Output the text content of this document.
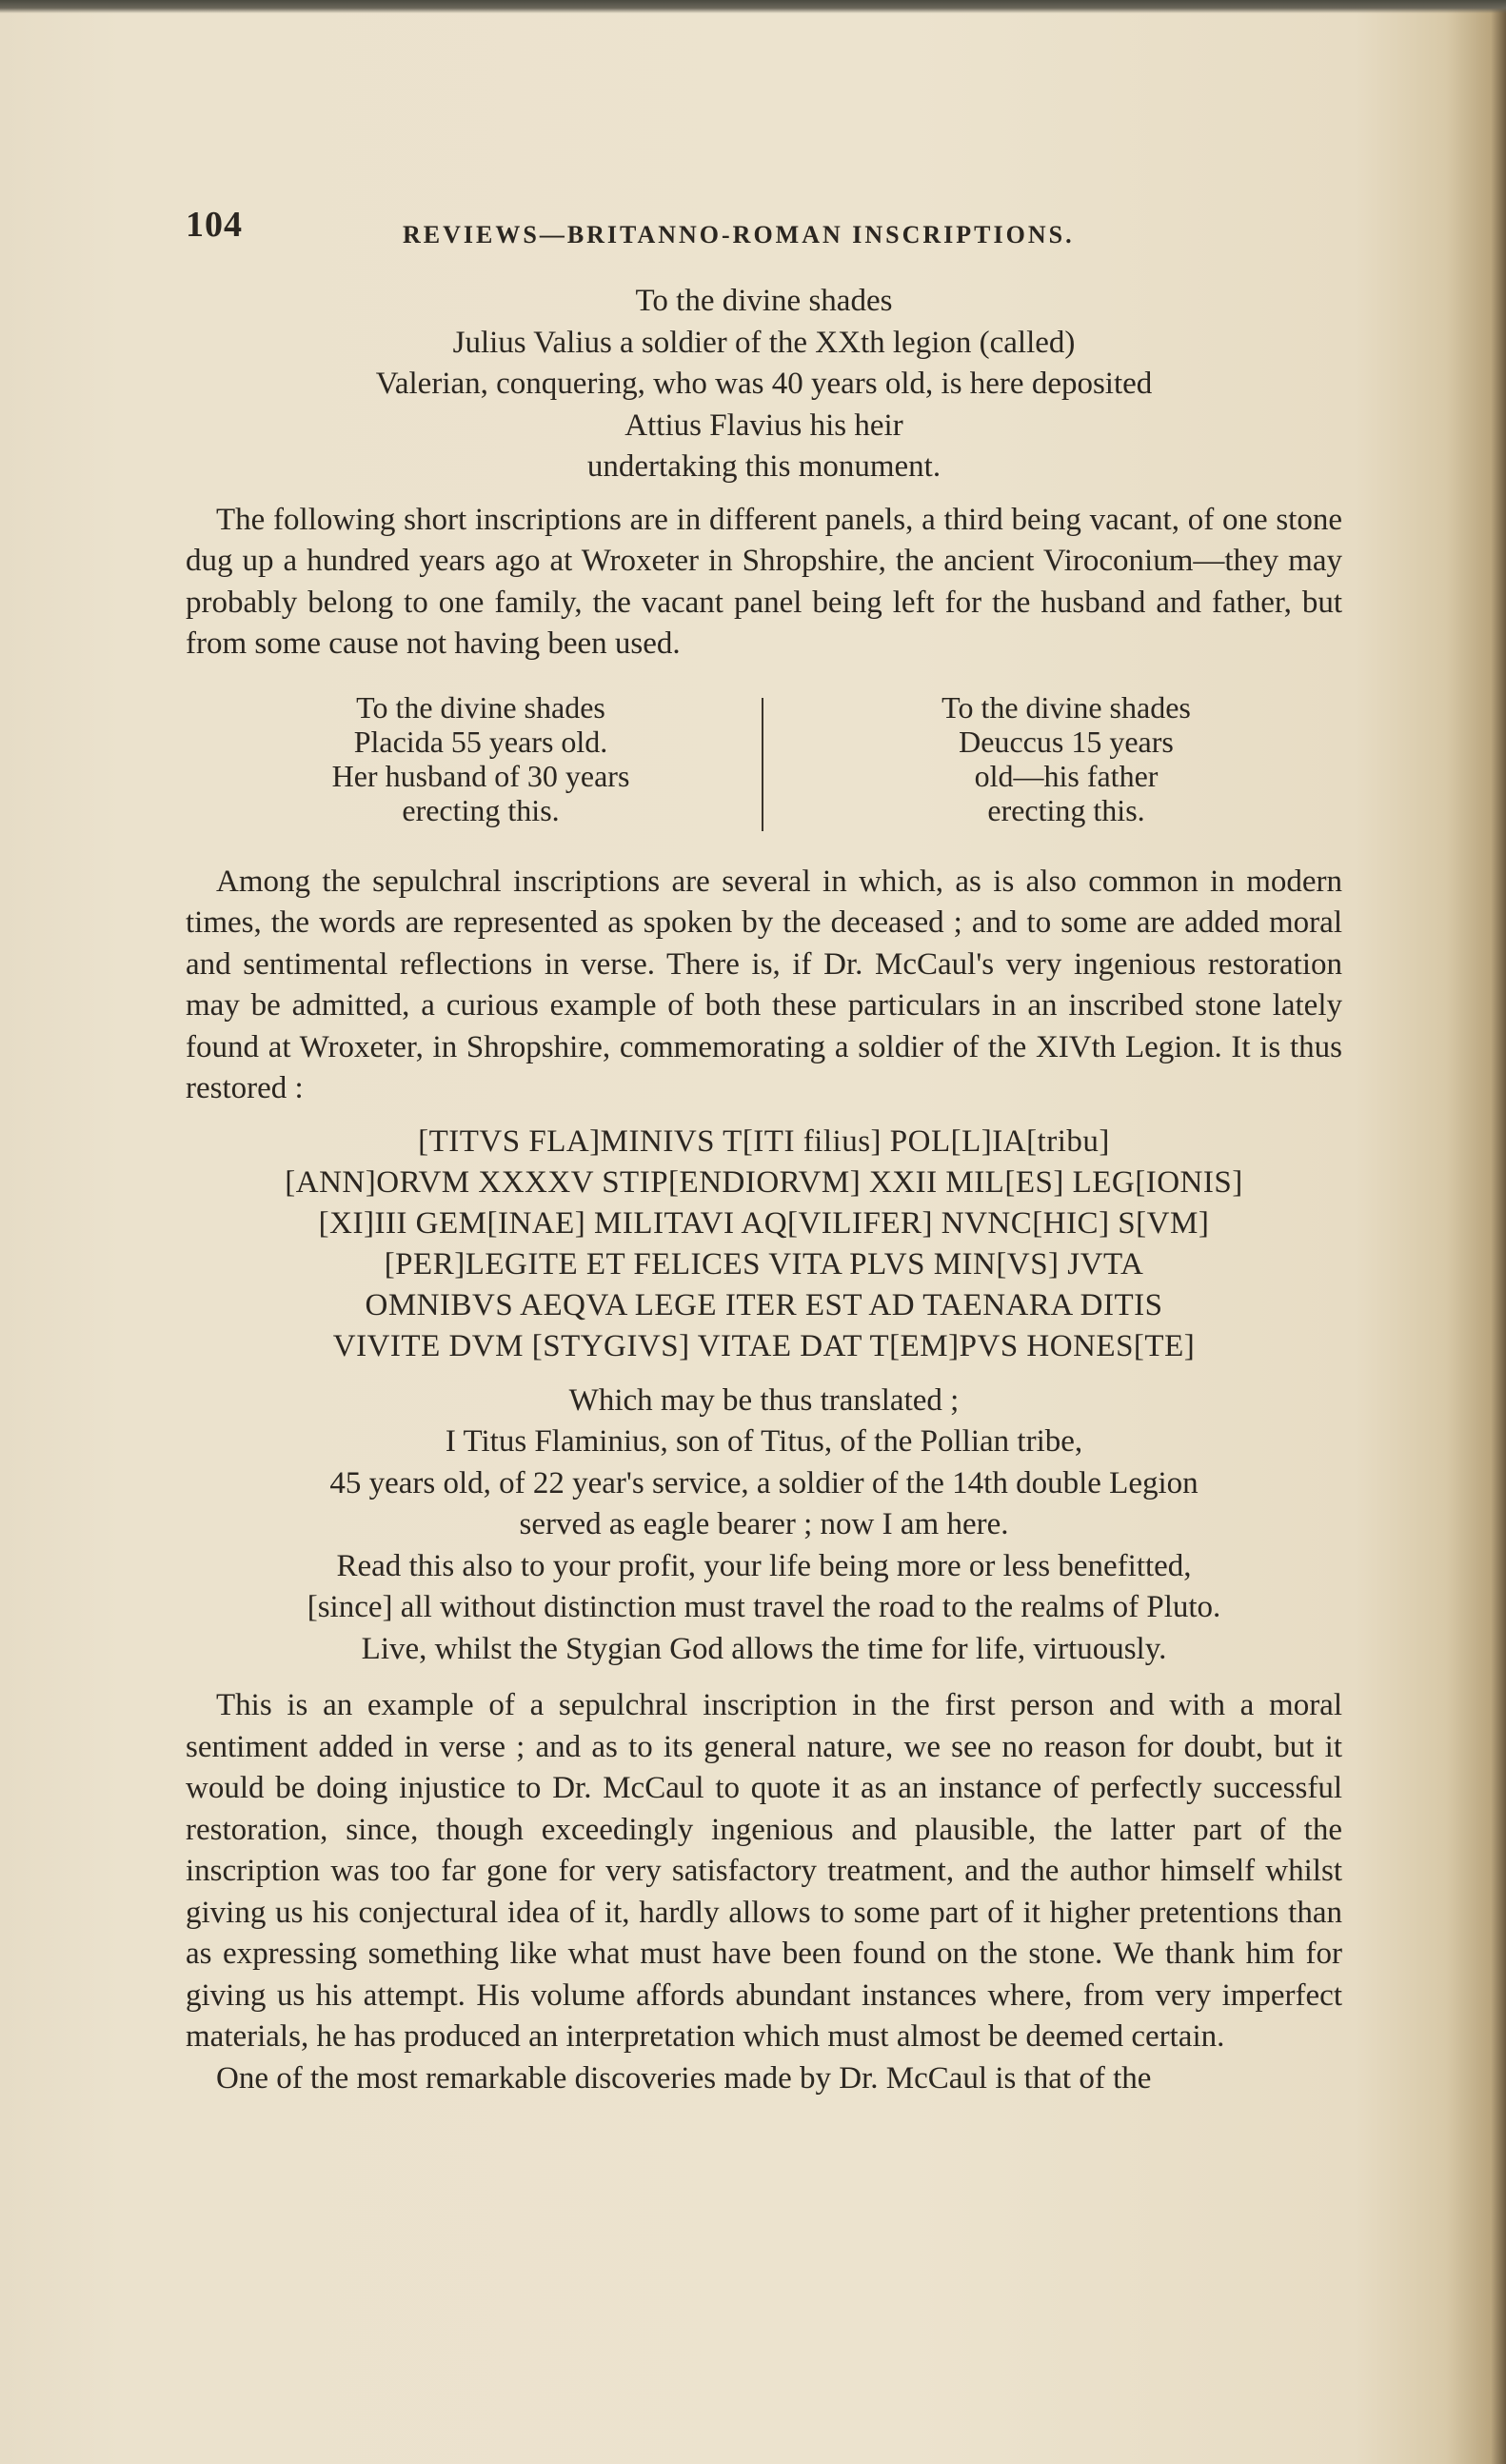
104	REVIEWS—BRITANNO-ROMAN INSCRIPTIONS.
To the divine shades
Julius Valius a soldier of the XXth legion (called)
Valerian, conquering, who was 40 years old, is here deposited
Attius Flavius his heir
undertaking this monument.

The following short inscriptions are in different panels, a third being vacant, of one stone dug up a hundred years ago at Wroxeter in Shropshire, the ancient Viroconium—they may probably belong to one family, the vacant panel being left for the husband and father, but from some cause not having been used.

To the divine shades
Placida 55 years old.
Her husband of 30 years
erecting this.
To the divine shades
Deuccus 15 years
old—his father
erecting this.

Among the sepulchral inscriptions are several in which, as is also common in modern times, the words are represented as spoken by the deceased ; and to some are added moral and sentimental reflections in verse. There is, if Dr. McCaul's very ingenious restoration may be admitted, a curious example of both these particulars in an inscribed stone lately found at Wroxeter, in Shropshire, commemorating a soldier of the XIVth Legion. It is thus restored :

[TITVS FLA]MINIVS T[ITI filius] POL[L]IA[tribu]
[ANN]ORVM XXXXV STIP[ENDIORVM] XXII MIL[ES] LEG[IONIS]
[XI]III GEM[INAE] MILITAVI AQ[VILIFER] NVNC[HIC] S[VM]
[PER]LEGITE ET FELICES VITA PLVS MIN[VS] JVTA
OMNIBVS AEQVA LEGE ITER EST AD TAENARA DITIS
VIVITE DVM [STYGIVS] VITAE DAT T[EM]PVS HONES[TE]
Which may be thus translated ;
I Titus Flaminius, son of Titus, of the Pollian tribe,
45 years old, of 22 year's service, a soldier of the 14th double Legion
served as eagle bearer ; now I am here.
Read this also to your profit, your life being more or less benefitted,
[since] all without distinction must travel the road to the realms of Pluto.
Live, whilst the Stygian God allows the time for life, virtuously.

This is an example of a sepulchral inscription in the first person and with a moral sentiment added in verse ; and as to its general nature, we see no reason for doubt, but it would be doing injustice to Dr. McCaul to quote it as an instance of perfectly successful restoration, since, though exceedingly ingenious and plausible, the latter part of the inscription was too far gone for very satisfactory treatment, and the author himself whilst giving us his conjectural idea of it, hardly allows to some part of it higher pretentions than as expressing something like what must have been found on the stone. We thank him for giving us his attempt. His volume affords abundant instances where, from very imperfect materials, he has produced an interpretation which must almost be deemed certain.

One of the most remarkable discoveries made by Dr. McCaul is that of the
